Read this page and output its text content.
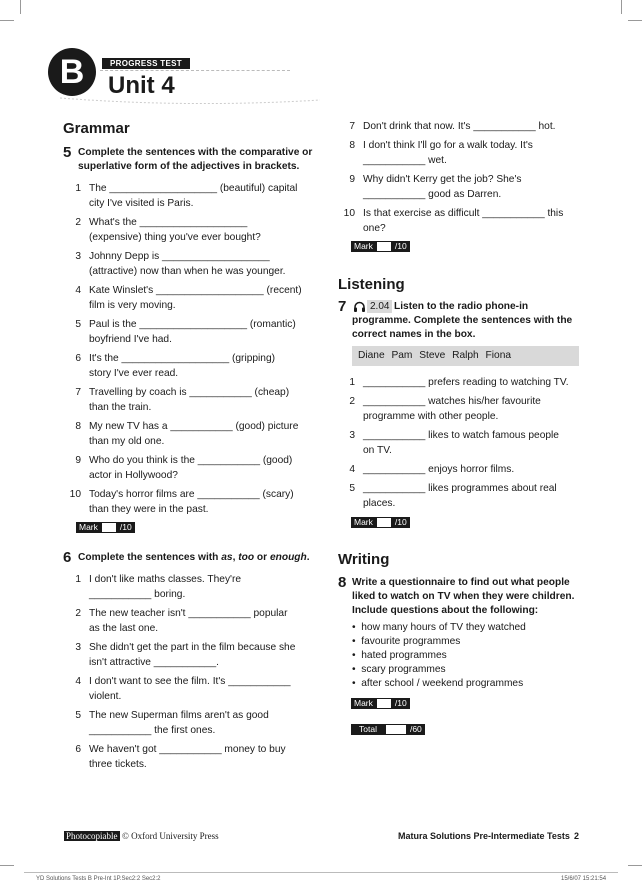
B	PROGRESS TEST
Unit 4
Grammar
5 Complete the sentences with the comparative or
superlative form of the adjectives in brackets.
1 The ___________________ (beautiful) capital
city I've visited is Paris.
2 What's the ___________________
(expensive) thing you've ever bought?
3 Johnny Depp is ___________________
(attractive) now than when he was younger.
4 Kate Winslet's ___________________ (recent)
film is very moving.
5 Paul is the ___________________ (romantic)
boyfriend I've had.
6 It's the ___________________ (gripping)
story I've ever read.
7 Travelling by coach is ___________ (cheap)
than the train.
8 My new TV has a ___________ (good) picture
than my old one.
9 Who do you think is the ___________ (good)
actor in Hollywood?
10 Today's horror films are ___________ (scary)
than they were in the past.
Mark	/10
6 Complete the sentences with as, too or enough.
1 I don't like maths classes. They're
___________ boring.
2 The new teacher isn't ___________ popular
as the last one.
3 She didn't get the part in the film because she
isn't attractive ___________.
4 I don't want to see the film. It's ___________
violent.
5 The new Superman films aren't as good
___________ the first ones.
6 We haven't got ___________ money to buy
three tickets.
7 Don't drink that now. It's ___________ hot.
8 I don't think I'll go for a walk today. It's
___________ wet.
9 Why didn't Kerry get the job? She's
___________ good as Darren.
10 Is that exercise as difficult ___________ this
one?
Mark	/10
Listening
7	2.04 Listen to the radio phone-in
programme. Complete the sentences with the
correct names in the box.
Diane Pam Steve Ralph Fiona
1 ___________ prefers reading to watching TV.
2 ___________ watches his/her favourite
programme with other people.
3 ___________ likes to watch famous people
on TV.
4 ___________ enjoys horror films.
5 ___________ likes programmes about real
places.
Mark	/10
Writing
8 Write a questionnaire to find out what people
liked to watch on TV when they were children.
Include questions about the following:
• how many hours of TV they watched
• favourite programmes
• hated programmes
• scary programmes
• after school / weekend programmes
Mark	/10
Total	/60
Photocopiable © Oxford University Press	Matura Solutions Pre-Intermediate Tests 2
YD Solutions Tests B Pre-Int 1P.Sec2:2 Sec2:2	15/6/07 15:21:54
